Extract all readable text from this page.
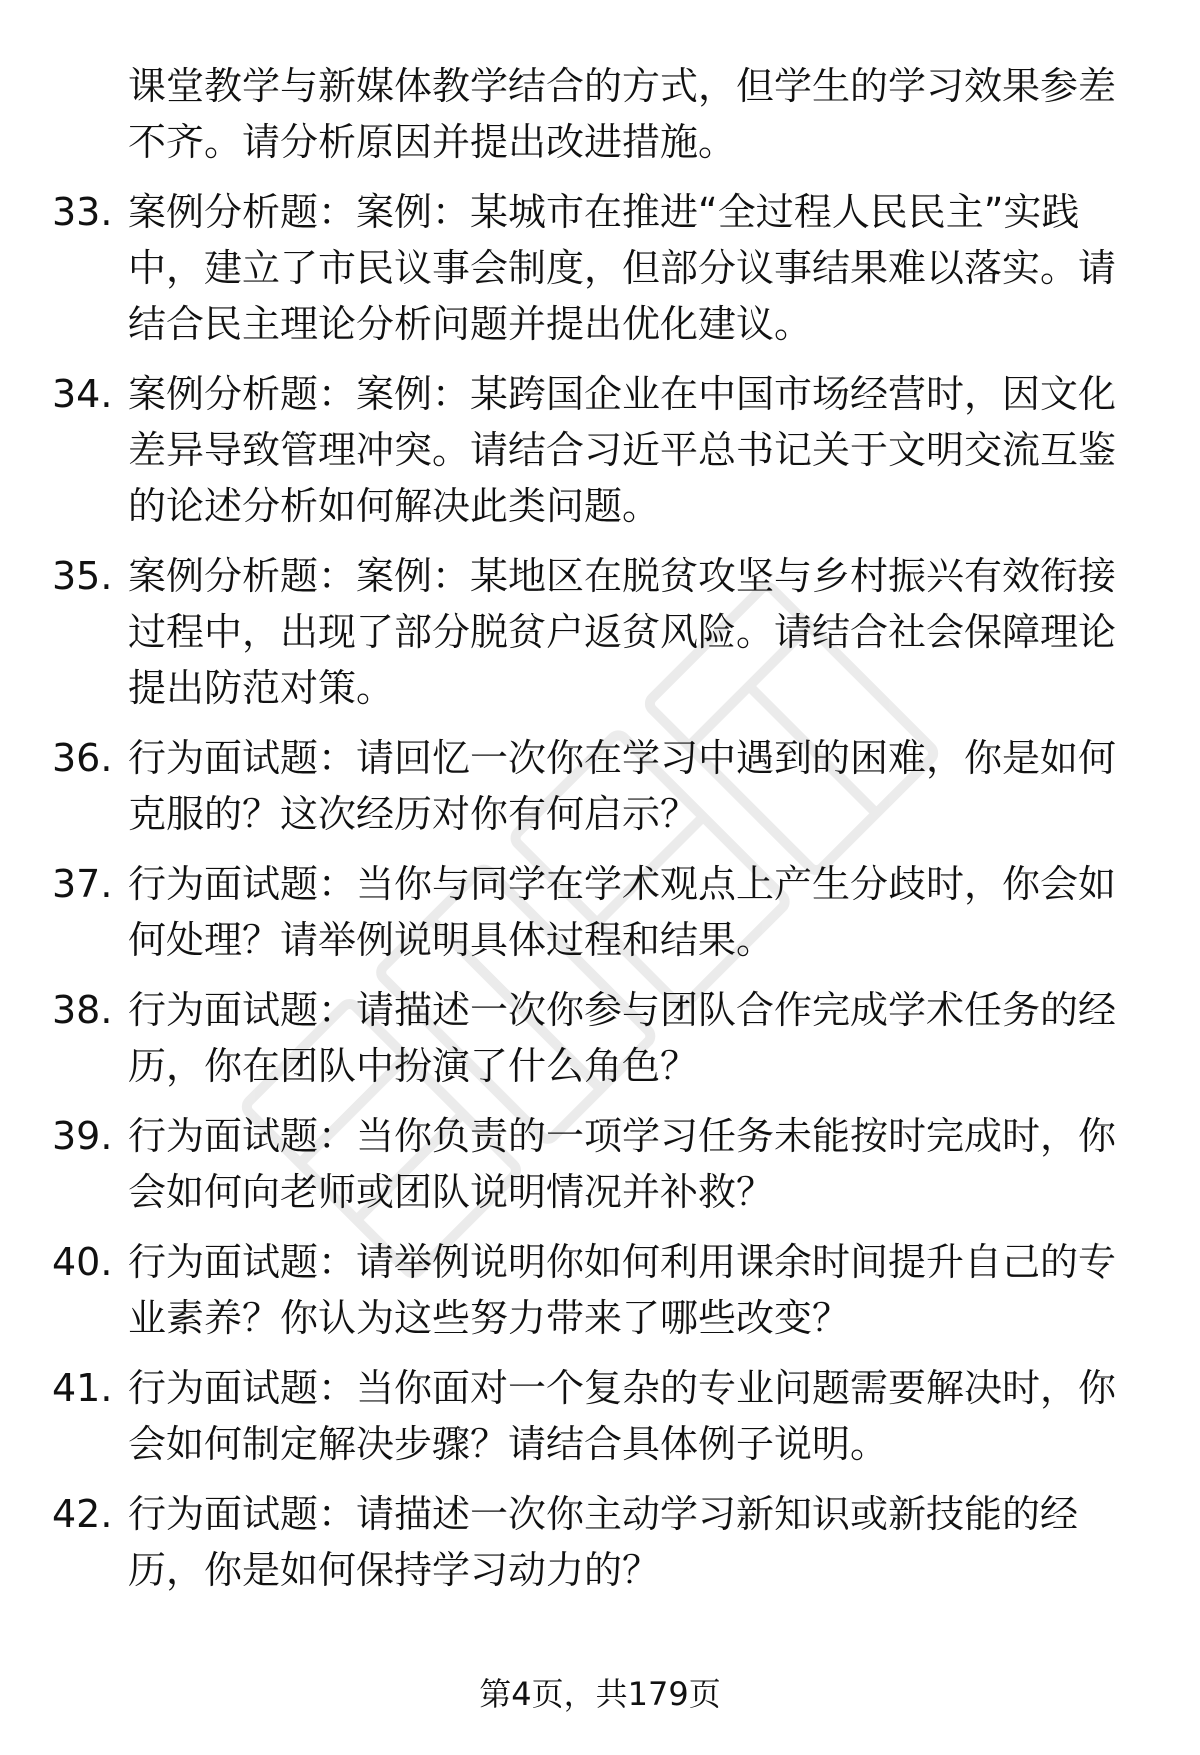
课堂教学与新媒体教学结合的方式，但学生的学习效果参差不齐。请分析原因并提出改进措施。
33. 案例分析题：案例：某城市在推进“全过程人民民主”实践中，建立了市民议事会制度，但部分议事结果难以落实。请结合民主理论分析问题并提出优化建议。
34. 案例分析题：案例：某跨国企业在中国市场经营时，因文化差异导致管理冲突。请结合习近平总书记关于文明交流互鉴的论述分析如何解决此类问题。
35. 案例分析题：案例：某地区在脱贫攻坚与乡村振兴有效衔接过程中，出现了部分脱贫户返贫风险。请结合社会保障理论提出防范对策。
36. 行为面试题：请回忆一次你在学习中遇到的困难，你是如何克服的？这次经历对你有何启示？
37. 行为面试题：当你与同学在学术观点上产生分歧时，你会如何处理？请举例说明具体过程和结果。
38. 行为面试题：请描述一次你参与团队合作完成学术任务的经历，你在团队中扮演了什么角色？
39. 行为面试题：当你负责的一项学习任务未能按时完成时，你会如何向老师或团队说明情况并补救？
40. 行为面试题：请举例说明你如何利用课余时间提升自己的专业素养？你认为这些努力带来了哪些改变？
41. 行为面试题：当你面对一个复杂的专业问题需要解决时，你会如何制定解决步骤？请结合具体例子说明。
42. 行为面试题：请描述一次你主动学习新知识或新技能的经历，你是如何保持学习动力的？
第4页，共179页
